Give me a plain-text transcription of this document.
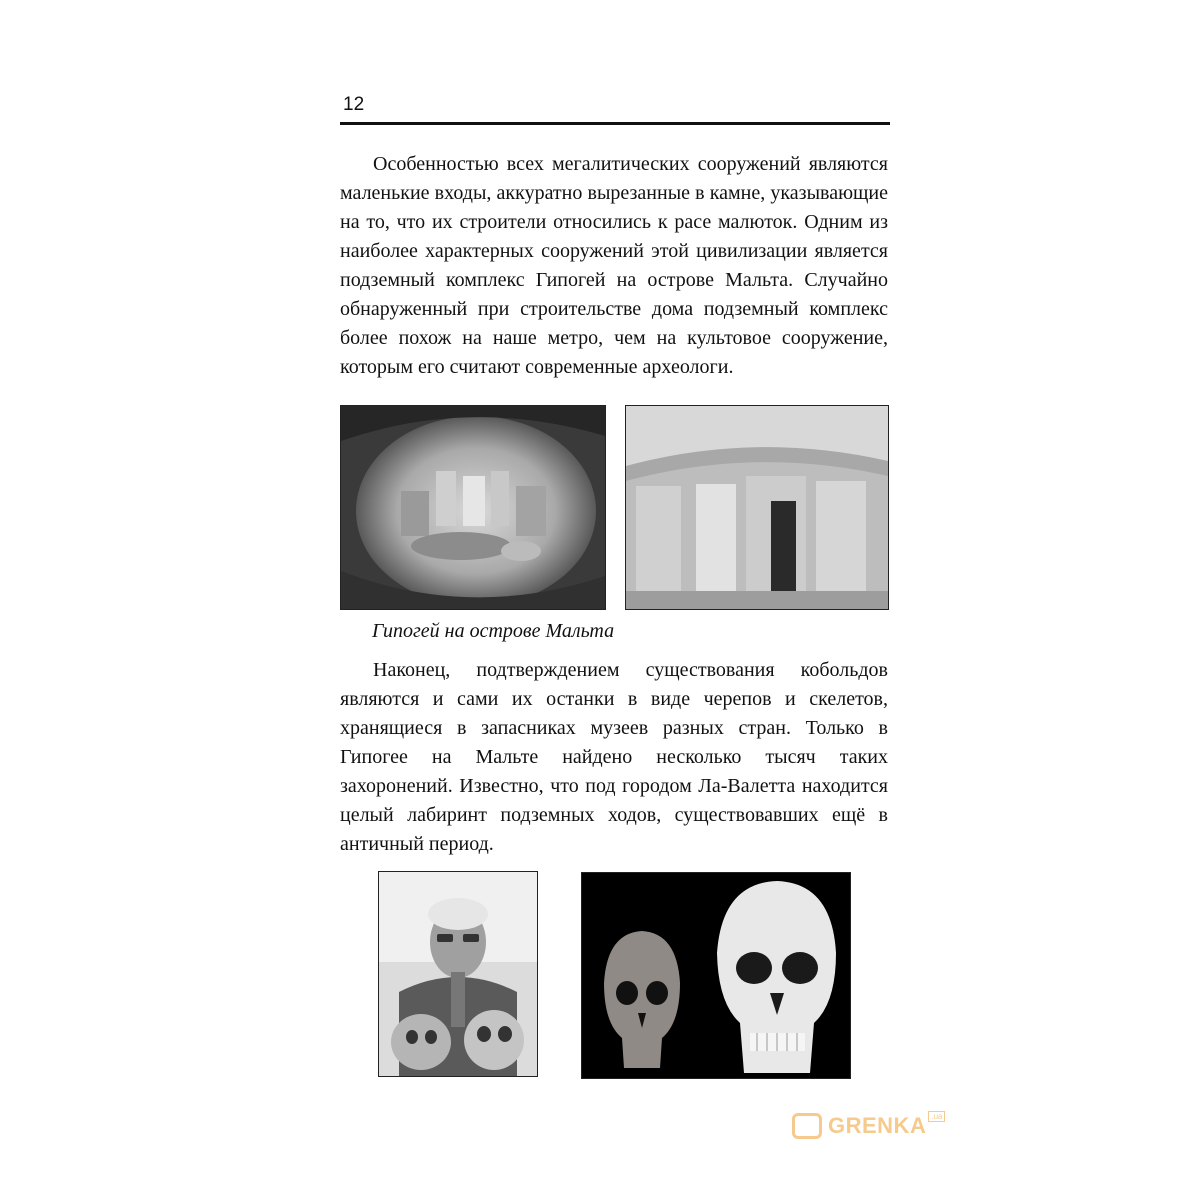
12

Особенностью всех мегалитических сооружений являются маленькие входы, аккуратно вырезанные в камне, указывающие на то, что их строители относились к расе малюток. Одним из наиболее характерных сооружений этой цивилизации является подземный комплекс Гипогей на острове Мальта. Случайно обнаруженный при строительстве дома подземный комплекс более похож на наше метро, чем на культовое сооружение, которым его считают современные археологи.

Гипогей на острове Мальта

Наконец, подтверждением существования кобольдов являются и сами их останки в виде черепов и скелетов, хранящиеся в запасниках музеев разных стран. Только в Гипогее на Мальте найдено несколько тысяч таких захоронений. Известно, что под городом Ла-Валетта находится целый лабиринт подземных ходов, существовавших ещё в античный период.

GRENKA .ua
